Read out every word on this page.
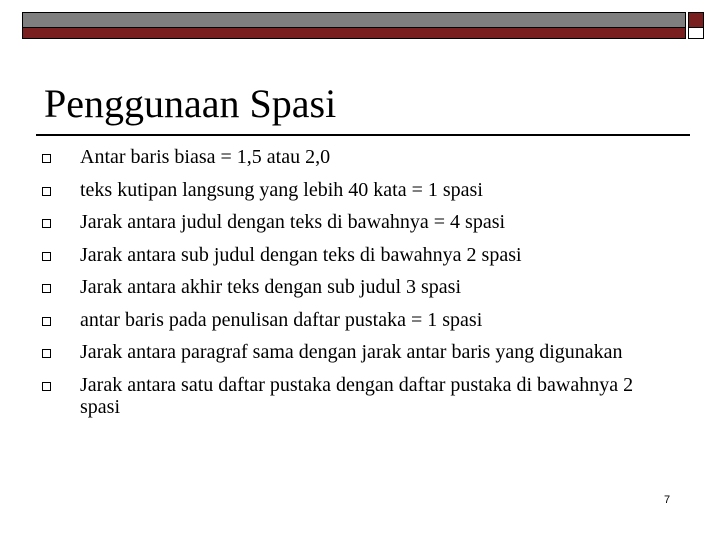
Penggunaan Spasi
Antar baris biasa = 1,5 atau 2,0
teks kutipan langsung yang lebih 40 kata = 1 spasi
Jarak antara judul dengan teks di bawahnya = 4 spasi
Jarak antara sub judul dengan teks di bawahnya 2 spasi
Jarak antara akhir teks dengan sub judul 3 spasi
antar baris pada penulisan daftar pustaka = 1 spasi
Jarak antara paragraf sama dengan jarak antar baris yang digunakan
Jarak antara satu daftar pustaka dengan daftar pustaka di bawahnya 2 spasi
7
